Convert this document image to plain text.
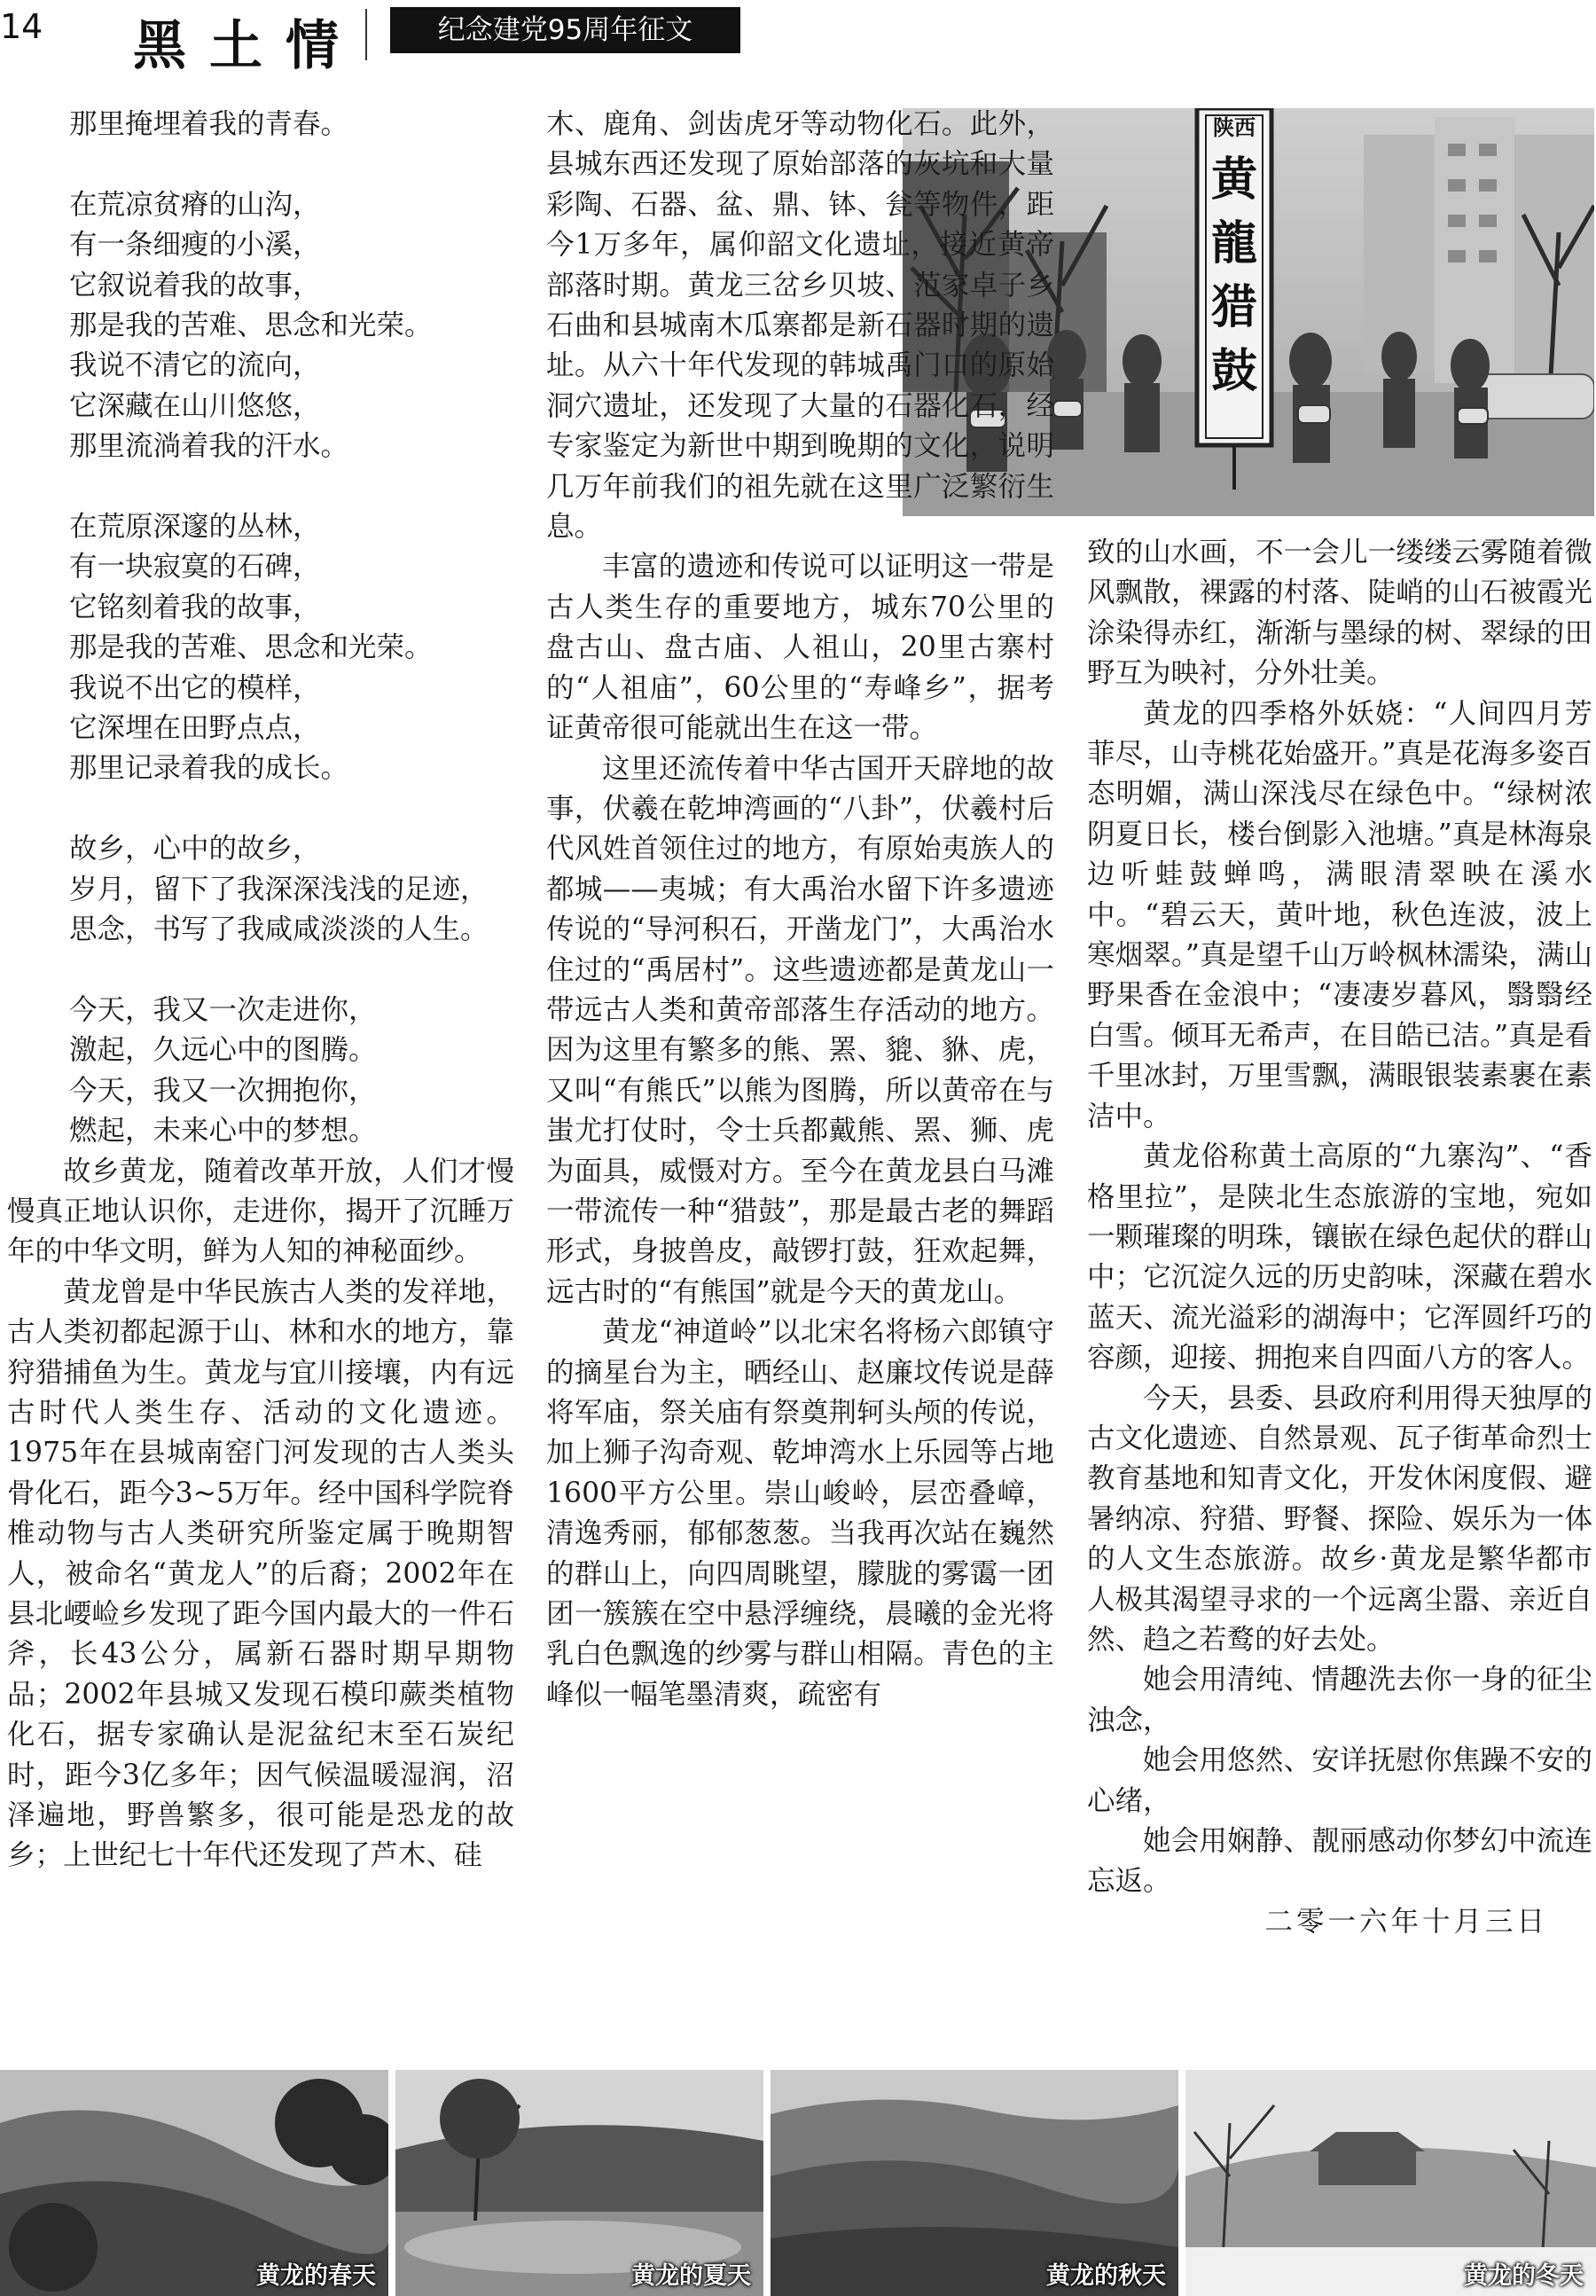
14 黑土情	纪念建党95周年征文

那里掩埋着我的青春。

在荒凉贫瘠的山沟，

有一条细瘦的小溪，

它叙说着我的故事，

那是我的苦难、思念和光荣。

我说不清它的流向，

它深藏在山川悠悠，

那里流淌着我的汗水。

在荒原深邃的丛林，

有一块寂寞的石碑，

它铭刻着我的故事，

那是我的苦难、思念和光荣。

我说不出它的模样，

它深埋在田野点点，

那里记录着我的成长。

故乡，心中的故乡，

岁月，留下了我深深浅浅的足迹，

思念，书写了我咸咸淡淡的人生。

今天，我又一次走进你，

激起，久远心中的图腾。

今天，我又一次拥抱你，

燃起，未来心中的梦想。

故乡黄龙，随着改革开放，人们才慢慢真正地认识你，走进你，揭开了沉睡万年的中华文明，鲜为人知的神秘面纱。

黄龙曾是中华民族古人类的发祥地，古人类初都起源于山、林和水的地方，靠狩猎捕鱼为生。黄龙与宜川接壤，内有远古时代人类生存、活动的文化遗迹。1975年在县城南窑门河发现的古人类头骨化石，距今3~5万年。经中国科学院脊椎动物与古人类研究所鉴定属于晚期智人，被命名“黄龙人”的后裔；2002年在县北崾崄乡发现了距今国内最大的一件石斧，长43公分，属新石器时期早期物品；2002年县城又发现石模印蕨类植物化石，据专家确认是泥盆纪末至石炭纪时，距今3亿多年；因气候温暖湿润，沼泽遍地，野兽繁多，很可能是恐龙的故乡；上世纪七十年代还发现了芦木、硅

陕西
黄
龍
猎
鼓

木、鹿角、剑齿虎牙等动物化石。此外，县城东西还发现了原始部落的灰坑和大量彩陶、石器、盆、鼎、钵、瓮等物件，距今1万多年，属仰韶文化遗址，接近黄帝部落时期。黄龙三岔乡贝坡、范家卓子乡石曲和县城南木瓜寨都是新石器时期的遗址。从六十年代发现的韩城禹门口的原始洞穴遗址，还发现了大量的石器化石，经专家鉴定为新世中期到晚期的文化，说明几万年前我们的祖先就在这里广泛繁衍生息。

丰富的遗迹和传说可以证明这一带是古人类生存的重要地方，城东70公里的盘古山、盘古庙、人祖山，20里古寨村的“人祖庙”，60公里的“寿峰乡”，据考证黄帝很可能就出生在这一带。

这里还流传着中华古国开天辟地的故事，伏羲在乾坤湾画的“八卦”，伏羲村后代风姓首领住过的地方，有原始夷族人的都城——夷城；有大禹治水留下许多遗迹传说的“导河积石，开凿龙门”，大禹治水住过的“禹居村”。这些遗迹都是黄龙山一带远古人类和黄帝部落生存活动的地方。因为这里有繁多的熊、罴、貔、貅、虎，又叫“有熊氏”以熊为图腾，所以黄帝在与蚩尤打仗时，令士兵都戴熊、罴、狮、虎为面具，威慑对方。至今在黄龙县白马滩一带流传一种“猎鼓”，那是最古老的舞蹈形式，身披兽皮，敲锣打鼓，狂欢起舞，远古时的“有熊国”就是今天的黄龙山。

黄龙“神道岭”以北宋名将杨六郎镇守的摘星台为主，晒经山、赵廉坟传说是薛将军庙，祭关庙有祭奠荆轲头颅的传说，加上狮子沟奇观、乾坤湾水上乐园等占地1600平方公里。崇山峻岭，层峦叠嶂，清逸秀丽，郁郁葱葱。当我再次站在巍然的群山上，向四周眺望，朦胧的雾霭一团团一簇簇在空中悬浮缠绕，晨曦的金光将乳白色飘逸的纱雾与群山相隔。青色的主峰似一幅笔墨清爽，疏密有

致的山水画，不一会儿一缕缕云雾随着微风飘散，裸露的村落、陡峭的山石被霞光涂染得赤红，渐渐与墨绿的树、翠绿的田野互为映衬，分外壮美。

黄龙的四季格外妖娆：“人间四月芳菲尽，山寺桃花始盛开。”真是花海多姿百态明媚，满山深浅尽在绿色中。“绿树浓阴夏日长，楼台倒影入池塘。”真是林海泉边听蛙鼓蝉鸣，满眼清翠映在溪水中。“碧云天，黄叶地，秋色连波，波上寒烟翠。”真是望千山万岭枫林濡染，满山野果香在金浪中；“凄凄岁暮风，翳翳经白雪。倾耳无希声，在目皓已洁。”真是看千里冰封，万里雪飘，满眼银装素裹在素洁中。

黄龙俗称黄土高原的“九寨沟”、“香格里拉”，是陕北生态旅游的宝地，宛如一颗璀璨的明珠，镶嵌在绿色起伏的群山中；它沉淀久远的历史韵味，深藏在碧水蓝天、流光溢彩的湖海中；它浑圆纤巧的容颜，迎接、拥抱来自四面八方的客人。

今天，县委、县政府利用得天独厚的古文化遗迹、自然景观、瓦子街革命烈士教育基地和知青文化，开发休闲度假、避暑纳凉、狩猎、野餐、探险、娱乐为一体的人文生态旅游。故乡·黄龙是繁华都市人极其渴望寻求的一个远离尘嚣、亲近自然、趋之若鹜的好去处。

她会用清纯、情趣洗去你一身的征尘浊念，

她会用悠然、安详抚慰你焦躁不安的心绪，

她会用娴静、靓丽感动你梦幻中流连忘返。

二零一六年十月三日

黄龙的春天	黄龙的夏天	黄龙的秋天	黄龙的冬天
